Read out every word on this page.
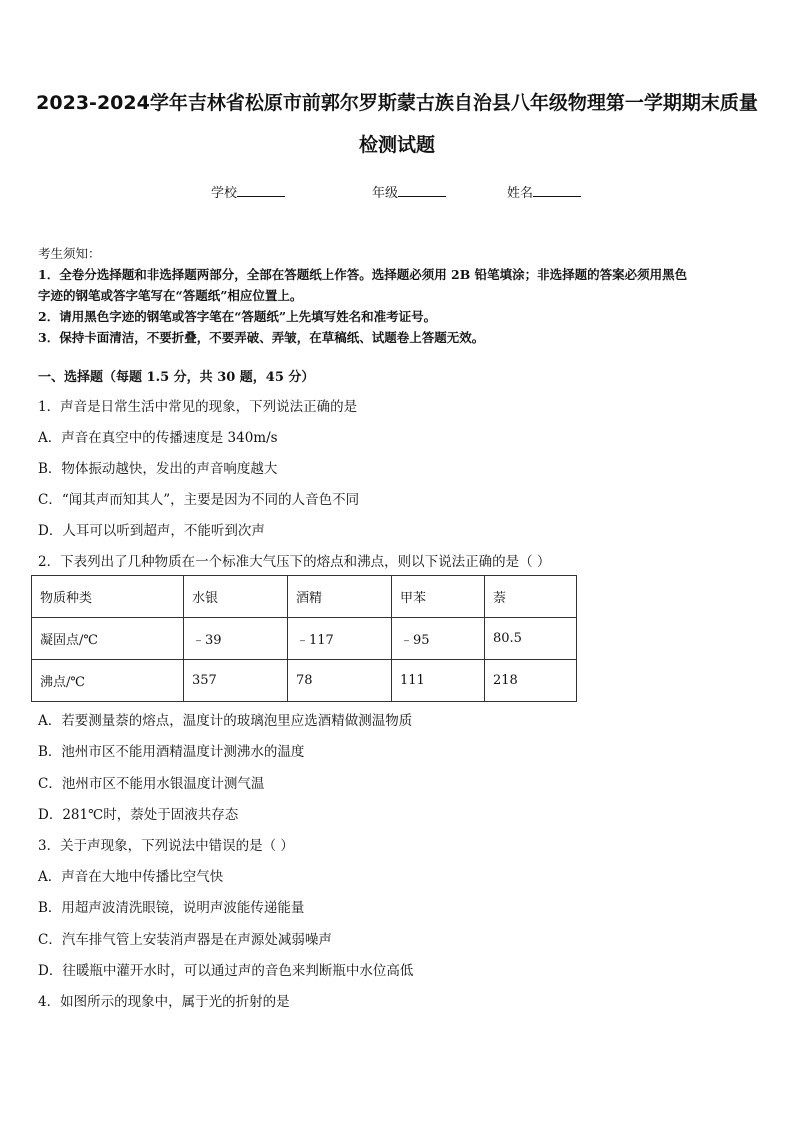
2023-2024学年吉林省松原市前郭尔罗斯蒙古族自治县八年级物理第一学期期末质量
检测试题
学校	年级	姓名
考生须知：
1．全卷分选择题和非选择题两部分，全部在答题纸上作答。选择题必须用 2B 铅笔填涂；非选择题的答案必须用黑色
字迹的钢笔或答字笔写在“答题纸”相应位置上。
2．请用黑色字迹的钢笔或答字笔在“答题纸”上先填写姓名和准考证号。
3．保持卡面清洁，不要折叠，不要弄破、弄皱，在草稿纸、试题卷上答题无效。
一、选择题（每题 1.5 分，共 30 题，45 分）
1．声音是日常生活中常见的现象，下列说法正确的是
A．声音在真空中的传播速度是 340m/s
B．物体振动越快，发出的声音响度越大
C．“闻其声而知其人”，主要是因为不同的人音色不同
D．人耳可以听到超声，不能听到次声
2．下表列出了几种物质在一个标准大气压下的熔点和沸点，则以下说法正确的是（ ）
物质种类	水银	酒精	甲苯	萘
凝固点/℃	﹣39	﹣117	﹣95	80.5
沸点/℃	357	78	111	218
A．若要测量萘的熔点，温度计的玻璃泡里应选酒精做测温物质
B．池州市区不能用酒精温度计测沸水的温度
C．池州市区不能用水银温度计测气温
D．281℃时，萘处于固液共存态
3．关于声现象，下列说法中错误的是（ ）
A．声音在大地中传播比空气快
B．用超声波清洗眼镜，说明声波能传递能量
C．汽车排气管上安装消声器是在声源处减弱噪声
D．往暖瓶中灌开水时，可以通过声的音色来判断瓶中水位高低
4．如图所示的现象中，属于光的折射的是
